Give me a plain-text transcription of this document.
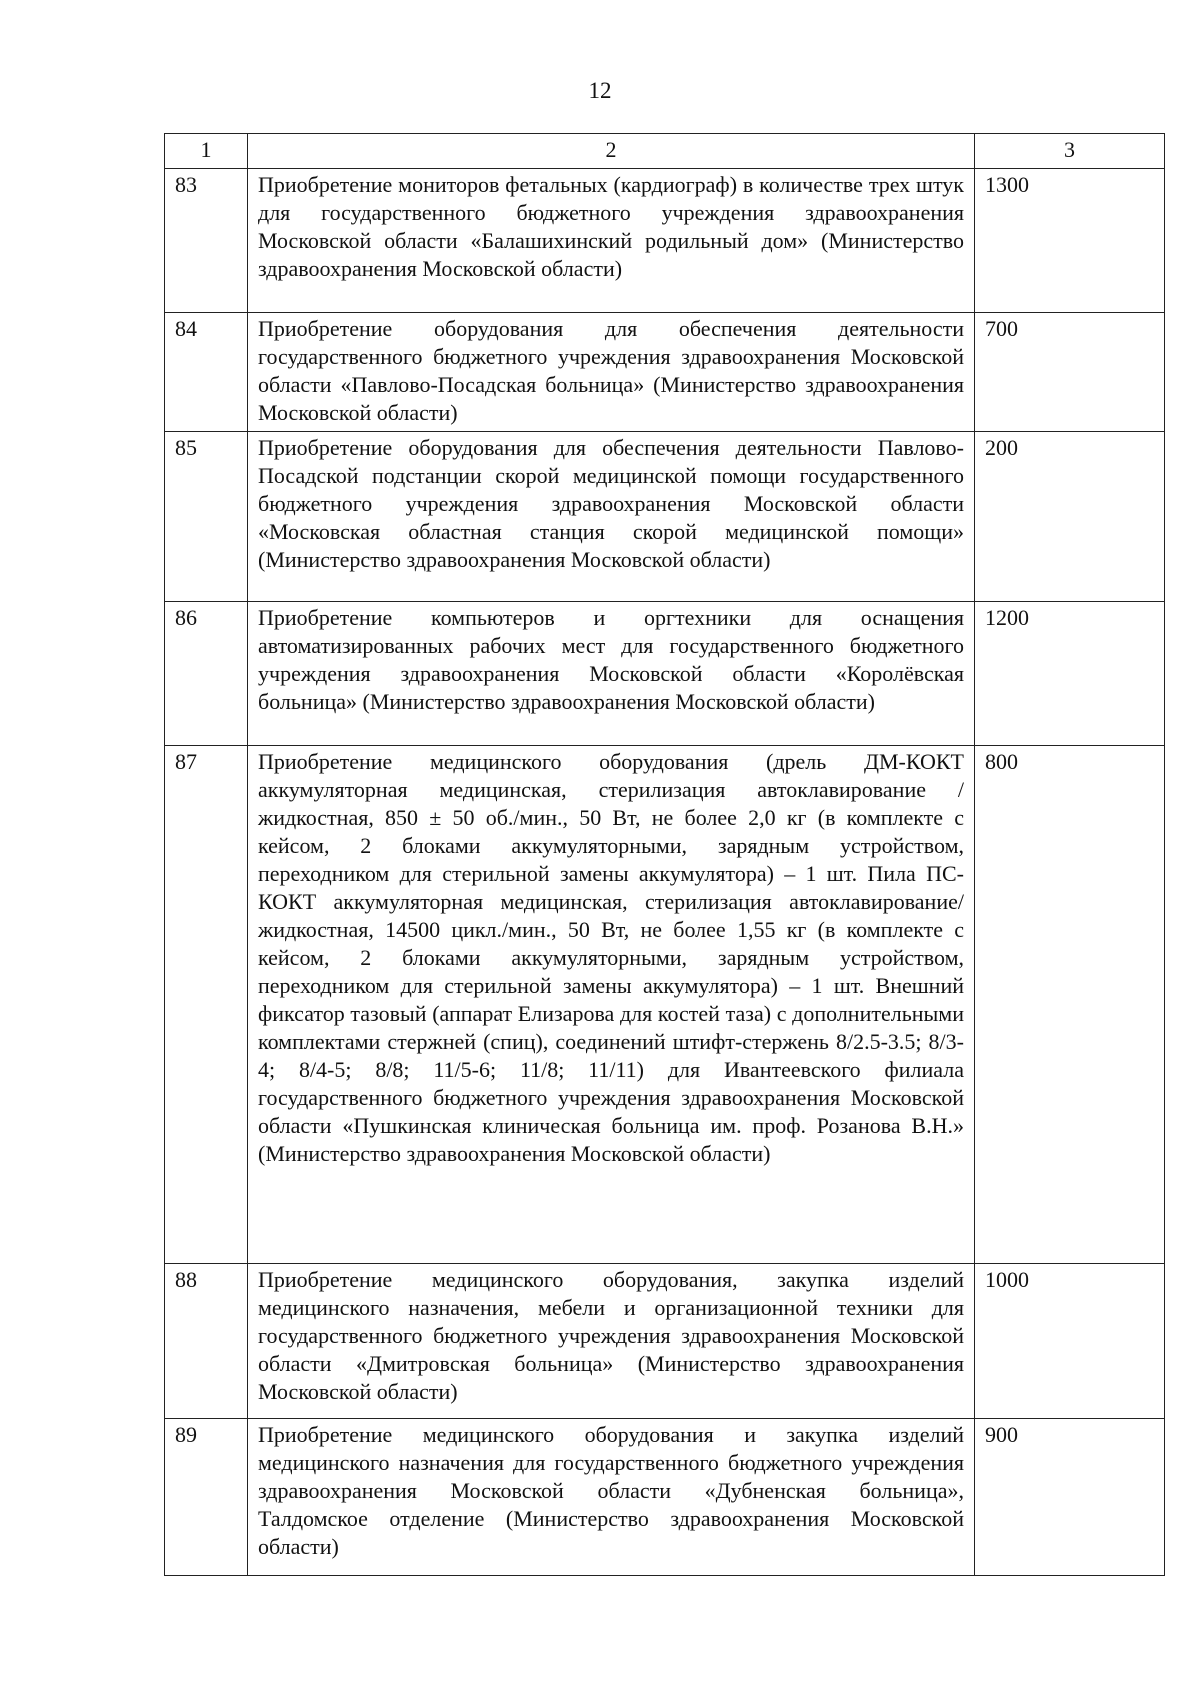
12
1	2	3
83	Приобретение мониторов фетальных (кардиограф) в количестве трех штук для государственного бюджетного учреждения здравоохранения Московской области «Балашихинский родильный дом» (Министерство здравоохранения Московской области)	1300
84	Приобретение оборудования для обеспечения деятельности государственного бюджетного учреждения здравоохранения Московской области «Павлово-Посадская больница» (Министерство здравоохранения Московской области)	700
85	Приобретение оборудования для обеспечения деятельности Павлово-Посадской подстанции скорой медицинской помощи государственного бюджетного учреждения здравоохранения Московской области «Московская областная станция скорой медицинской помощи» (Министерство здравоохранения Московской области)	200
86	Приобретение компьютеров и оргтехники для оснащения автоматизированных рабочих мест для государственного бюджетного учреждения здравоохранения Московской области «Королёвская больница» (Министерство здравоохранения Московской области)	1200
87	Приобретение медицинского оборудования (дрель ДМ-КОКТ аккумуляторная медицинская, стерилизация автоклавирование / жидкостная, 850 ± 50 об./мин., 50 Вт, не более 2,0 кг (в комплекте с кейсом, 2 блоками аккумуляторными, зарядным устройством, переходником для стерильной замены аккумулятора) – 1 шт. Пила ПС-КОКТ аккумуляторная медицинская, стерилизация автоклавирование/жидкостная, 14500 цикл./мин., 50 Вт, не более 1,55 кг (в комплекте с кейсом, 2 блоками аккумуляторными, зарядным устройством, переходником для стерильной замены аккумулятора) – 1 шт. Внешний фиксатор тазовый (аппарат Елизарова для костей таза) с дополнительными комплектами стержней (спиц), соединений штифт-стержень 8/2.5-3.5; 8/3-4; 8/4-5; 8/8; 11/5-6; 11/8; 11/11) для Ивантеевского филиала государственного бюджетного учреждения здравоохранения Московской области «Пушкинская клиническая больница им. проф. Розанова В.Н.» (Министерство здравоохранения Московской области)	800
88	Приобретение медицинского оборудования, закупка изделий медицинского назначения, мебели и организационной техники для государственного бюджетного учреждения здравоохранения Московской области «Дмитровская больница» (Министерство здравоохранения Московской области)	1000
89	Приобретение медицинского оборудования и закупка изделий медицинского назначения для государственного бюджетного учреждения здравоохранения Московской области «Дубненская больница», Талдомское отделение (Министерство здравоохранения Московской области)	900
